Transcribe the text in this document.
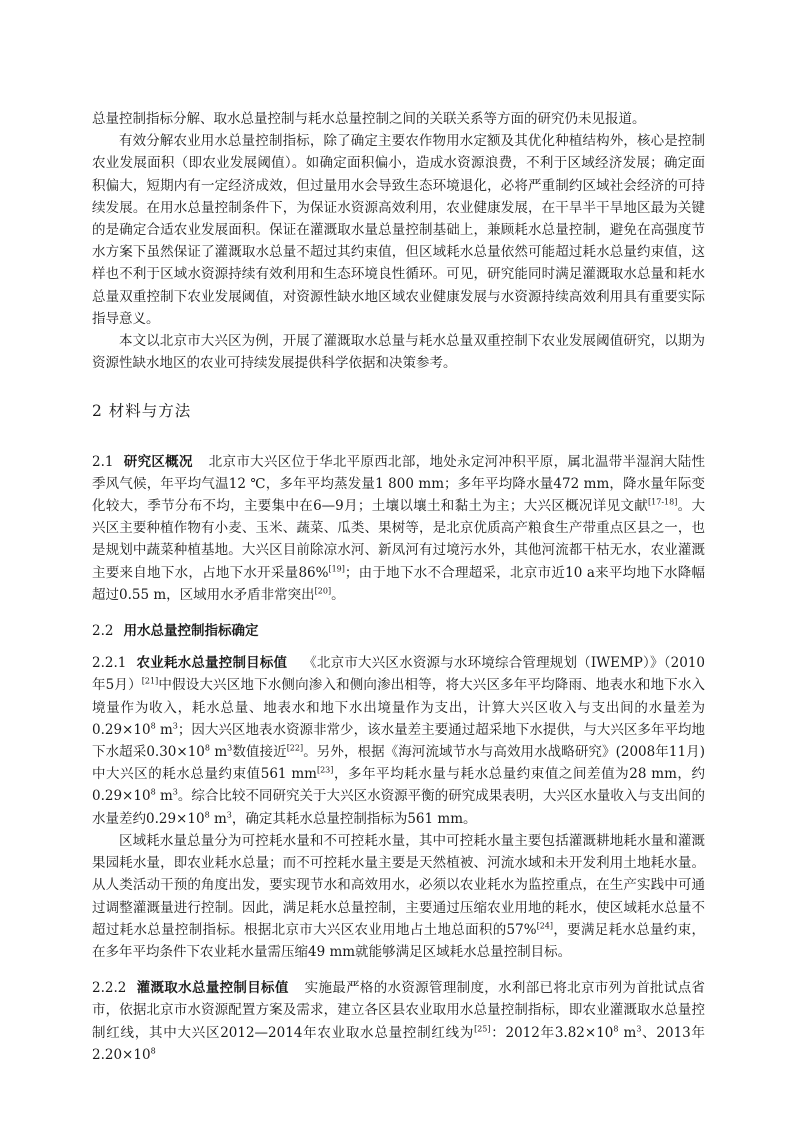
总量控制指标分解、取水总量控制与耗水总量控制之间的关联关系等方面的研究仍未见报道。

有效分解农业用水总量控制指标，除了确定主要农作物用水定额及其优化种植结构外，核心是控制农业发展面积（即农业发展阈值）。如确定面积偏小，造成水资源浪费，不利于区域经济发展；确定面积偏大，短期内有一定经济成效，但过量用水会导致生态环境退化，必将严重制约区域社会经济的可持续发展。在用水总量控制条件下，为保证水资源高效利用，农业健康发展，在干旱半干旱地区最为关键的是确定合适农业发展面积。保证在灌溉取水量总量控制基础上，兼顾耗水总量控制，避免在高强度节水方案下虽然保证了灌溉取水总量不超过其约束值，但区域耗水总量依然可能超过耗水总量约束值，这样也不利于区域水资源持续有效利用和生态环境良性循环。可见，研究能同时满足灌溉取水总量和耗水总量双重控制下农业发展阈值，对资源性缺水地区域农业健康发展与水资源持续高效利用具有重要实际指导意义。

本文以北京市大兴区为例，开展了灌溉取水总量与耗水总量双重控制下农业发展阈值研究，以期为资源性缺水地区的农业可持续发展提供科学依据和决策参考。

2 材料与方法

2.1 研究区概况 北京市大兴区位于华北平原西北部，地处永定河冲积平原，属北温带半湿润大陆性季风气候，年平均气温12 ℃，多年平均蒸发量1 800 mm；多年平均降水量472 mm，降水量年际变化较大，季节分布不均，主要集中在6—9月；土壤以壤土和黏土为主；大兴区概况详见文献[17-18]。大兴区主要种植作物有小麦、玉米、蔬菜、瓜类、果树等，是北京优质高产粮食生产带重点区县之一，也是规划中蔬菜种植基地。大兴区目前除凉水河、新凤河有过境污水外，其他河流都干枯无水，农业灌溉主要来自地下水，占地下水开采量86%[19]；由于地下水不合理超采，北京市近10 a来平均地下水降幅超过0.55 m，区域用水矛盾非常突出[20]。

2.2 用水总量控制指标确定

2.2.1 农业耗水总量控制目标值 《北京市大兴区水资源与水环境综合管理规划（IWEMP）》（2010年5月）[21]中假设大兴区地下水侧向渗入和侧向渗出相等，将大兴区多年平均降雨、地表水和地下水入境量作为收入，耗水总量、地表水和地下水出境量作为支出，计算大兴区收入与支出间的水量差为$0.29\times 10^8$ $m^3$；因大兴区地表水资源非常少，该水量差主要通过超采地下水提供，与大兴区多年平均地下水超采$0.30\times 10^8$ $m^3$数值接近[22]。另外，根据《海河流域节水与高效用水战略研究》(2008年11月)中大兴区的耗水总量约束值561 mm[23]，多年平均耗水量与耗水总量约束值之间差值为28 mm，约$0.29\times 10^8$ $m^3$。综合比较不同研究关于大兴区水资源平衡的研究成果表明，大兴区水量收入与支出间的水量差约$0.29\times 10^8$ $m^3$，确定其耗水总量控制指标为561 mm。

区域耗水量总量分为可控耗水量和不可控耗水量，其中可控耗水量主要包括灌溉耕地耗水量和灌溉果园耗水量，即农业耗水总量；而不可控耗水量主要是天然植被、河流水域和未开发利用土地耗水量。从人类活动干预的角度出发，要实现节水和高效用水，必须以农业耗水为监控重点，在生产实践中可通过调整灌溉量进行控制。因此，满足耗水总量控制，主要通过压缩农业用地的耗水，使区域耗水总量不超过耗水总量控制指标。根据北京市大兴区农业用地占土地总面积的57%[24]，要满足耗水总量约束，在多年平均条件下农业耗水量需压缩49 mm就能够满足区域耗水总量控制目标。

2.2.2 灌溉取水总量控制目标值 实施最严格的水资源管理制度，水利部已将北京市列为首批试点省市，依据北京市水资源配置方案及需求，建立各区县农业取用水总量控制指标，即农业灌溉取水总量控制红线，其中大兴区2012—2014年农业取水总量控制红线为[25]：2012年$3.82\times 10^8$ $m^3$、2013年$2.20\times 10^8$
